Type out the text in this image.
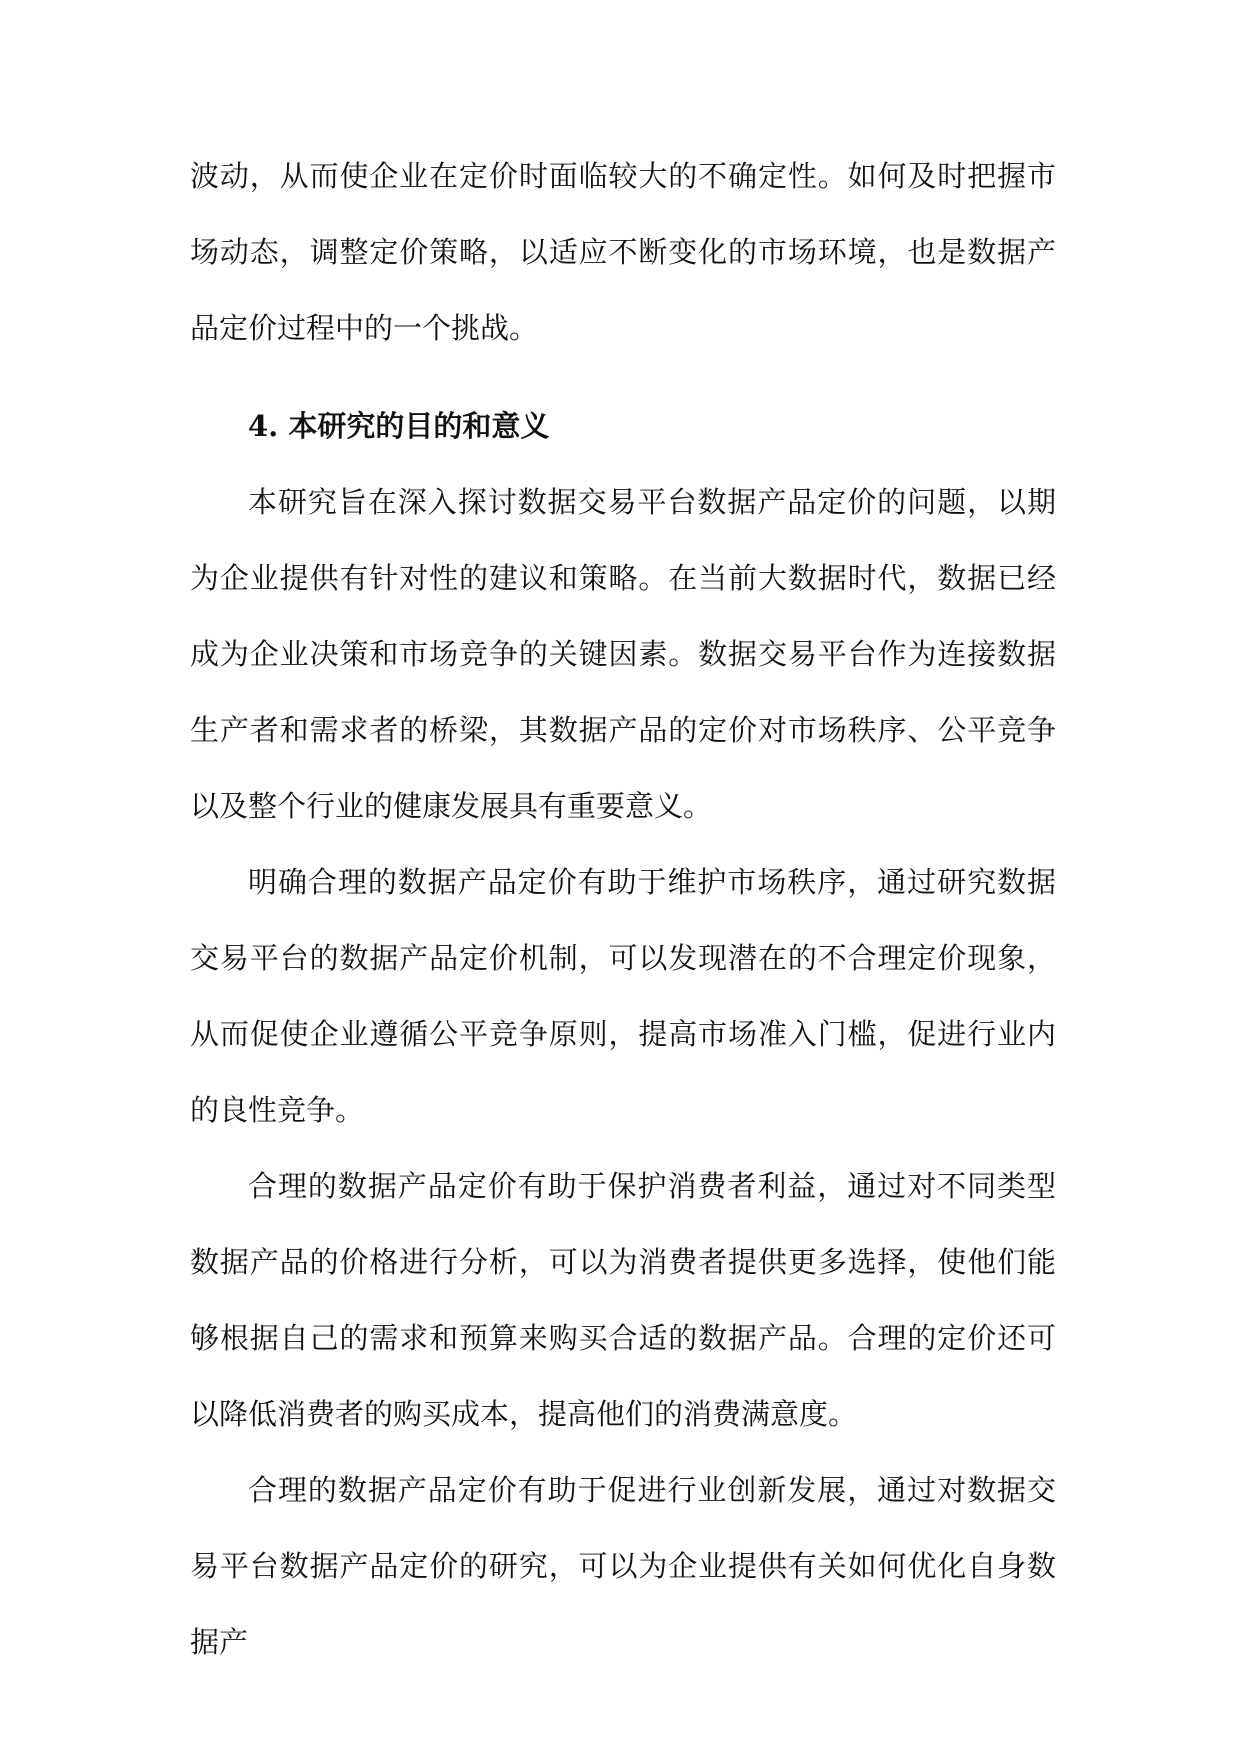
波动，从而使企业在定价时面临较大的不确定性。如何及时把握市场动态，调整定价策略，以适应不断变化的市场环境，也是数据产品定价过程中的一个挑战。

4. 本研究的目的和意义

本研究旨在深入探讨数据交易平台数据产品定价的问题，以期为企业提供有针对性的建议和策略。在当前大数据时代，数据已经成为企业决策和市场竞争的关键因素。数据交易平台作为连接数据生产者和需求者的桥梁，其数据产品的定价对市场秩序、公平竞争以及整个行业的健康发展具有重要意义。

明确合理的数据产品定价有助于维护市场秩序，通过研究数据交易平台的数据产品定价机制，可以发现潜在的不合理定价现象，从而促使企业遵循公平竞争原则，提高市场准入门槛，促进行业内的良性竞争。

合理的数据产品定价有助于保护消费者利益，通过对不同类型数据产品的价格进行分析，可以为消费者提供更多选择，使他们能够根据自己的需求和预算来购买合适的数据产品。合理的定价还可以降低消费者的购买成本，提高他们的消费满意度。

合理的数据产品定价有助于促进行业创新发展，通过对数据交易平台数据产品定价的研究，可以为企业提供有关如何优化自身数据产
